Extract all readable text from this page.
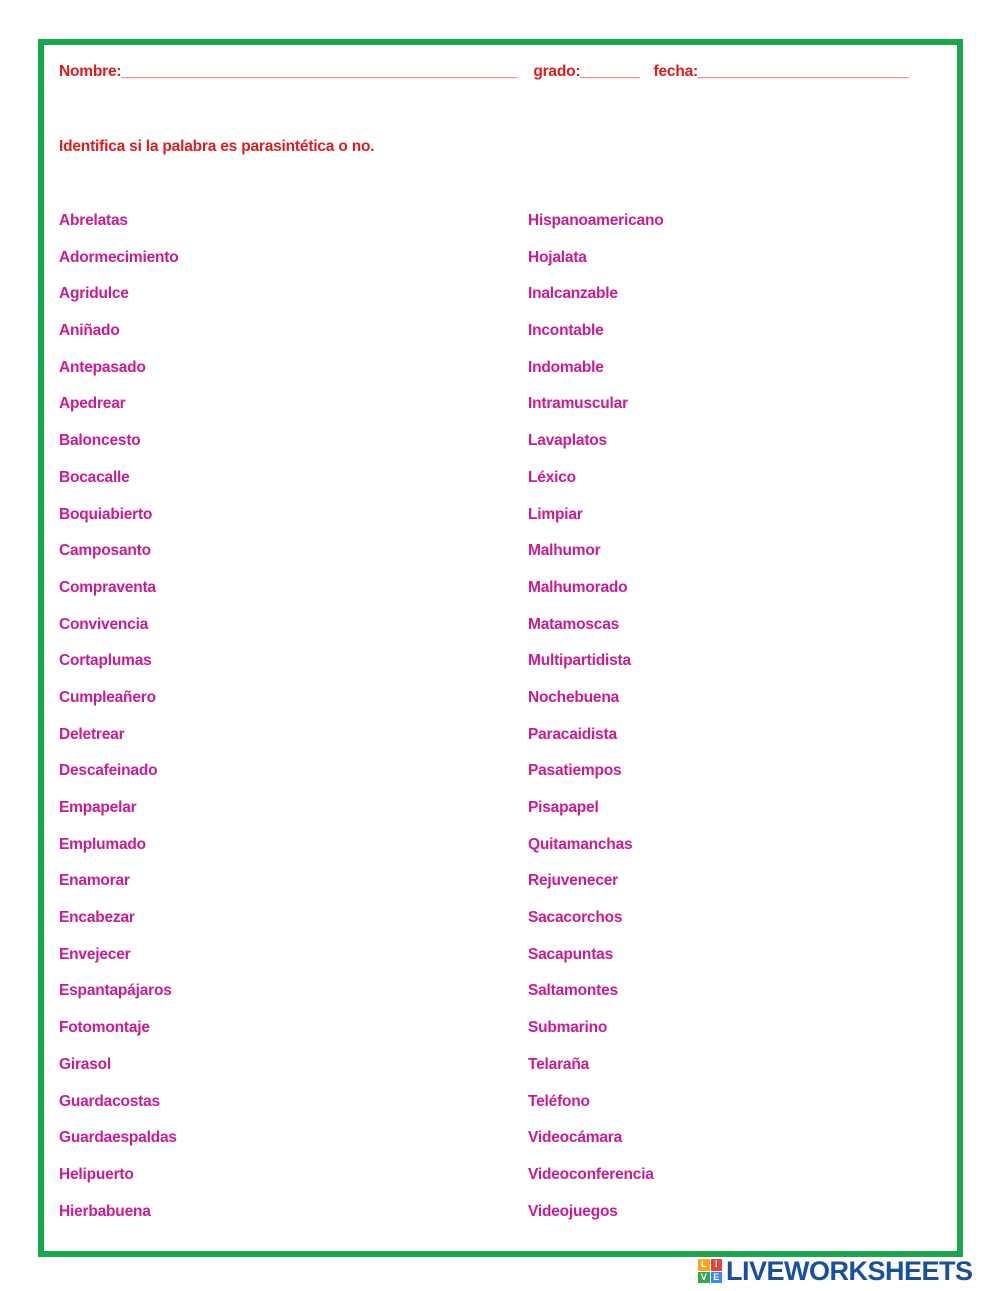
Nombre:_______________________________________________ grado:_______ fecha:_________________________
Identifica si la palabra es parasintética o no.
Abrelatas
Adormecimiento
Agridulce
Aniñado
Antepasado
Apedrear
Baloncesto
Bocacalle
Boquiabierto
Camposanto
Compraventa
Convivencia
Cortaplumas
Cumpleañero
Deletrear
Descafeinado
Empapelar
Emplumado
Enamorar
Encabezar
Envejecer
Espantapájaros
Fotomontaje
Girasol
Guardacostas
Guardaespaldas
Helipuerto
Hierbabuena
Hispanoamericano
Hojalata
Inalcanzable
Incontable
Indomable
Intramuscular
Lavaplatos
Léxico
Limpiar
Malhumor
Malhumorado
Matamoscas
Multipartidista
Nochebuena
Paracaidista
Pasatiempos
Pisapapel
Quitamanchas
Rejuvenecer
Sacacorchos
Sacapuntas
Saltamontes
Submarino
Telaraña
Teléfono
Videocámara
Videoconferencia
Videojuegos
L I
V E LIVEWORKSHEETS
